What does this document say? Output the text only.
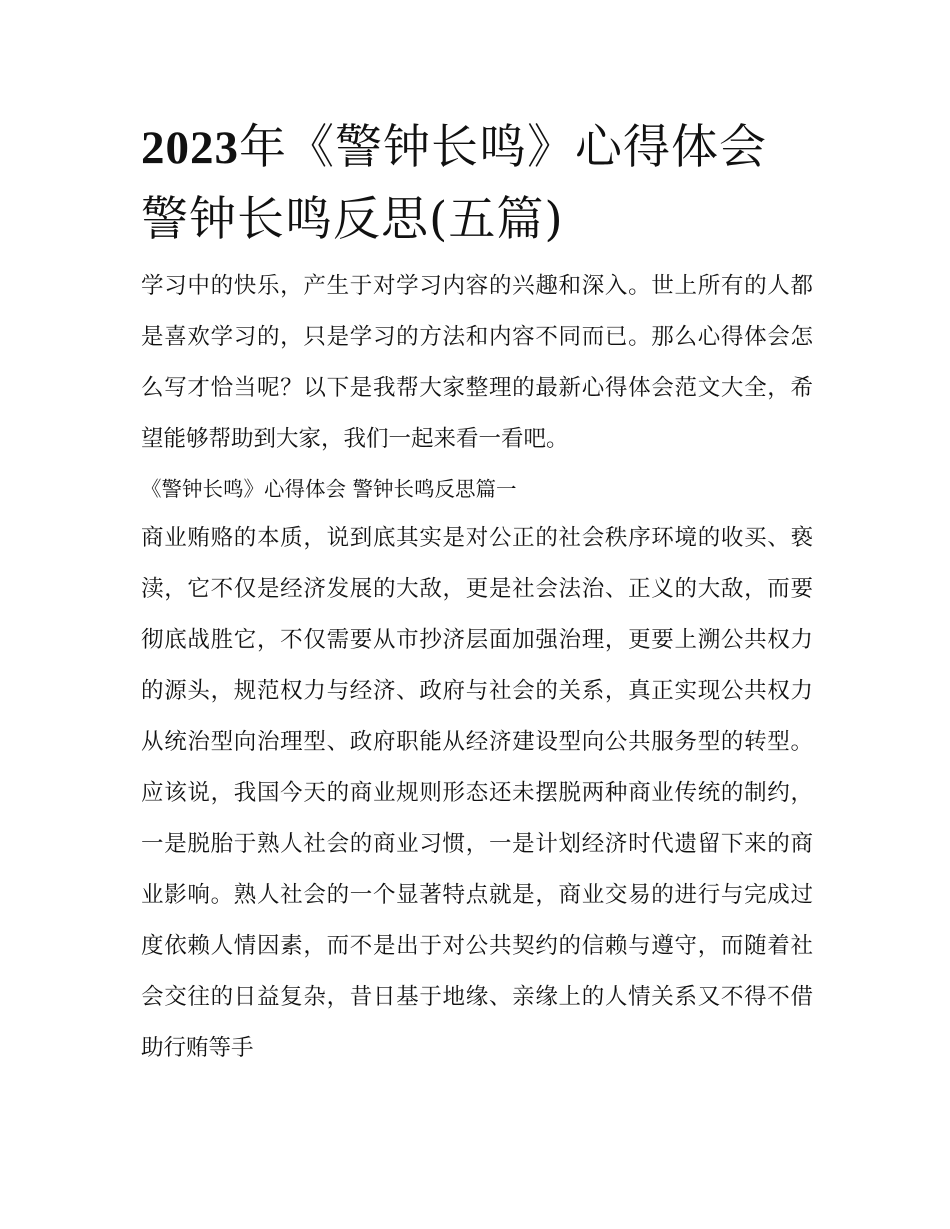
2023年《警钟长鸣》心得体会警钟长鸣反思(五篇)

学习中的快乐，产生于对学习内容的兴趣和深入。世上所有的人都是喜欢学习的，只是学习的方法和内容不同而已。那么心得体会怎么写才恰当呢？以下是我帮大家整理的最新心得体会范文大全，希望能够帮助到大家，我们一起来看一看吧。

《警钟长鸣》心得体会 警钟长鸣反思篇一

商业贿赂的本质，说到底其实是对公正的社会秩序环境的收买、亵渎，它不仅是经济发展的大敌，更是社会法治、正义的大敌，而要彻底战胜它，不仅需要从市抄济层面加强治理，更要上溯公共权力的源头，规范权力与经济、政府与社会的关系，真正实现公共权力从统治型向治理型、政府职能从经济建设型向公共服务型的转型。应该说，我国今天的商业规则形态还未摆脱两种商业传统的制约，一是脱胎于熟人社会的商业习惯，一是计划经济时代遗留下来的商业影响。熟人社会的一个显著特点就是，商业交易的进行与完成过度依赖人情因素，而不是出于对公共契约的信赖与遵守，而随着社会交往的日益复杂，昔日基于地缘、亲缘上的人情关系又不得不借助行贿等手
